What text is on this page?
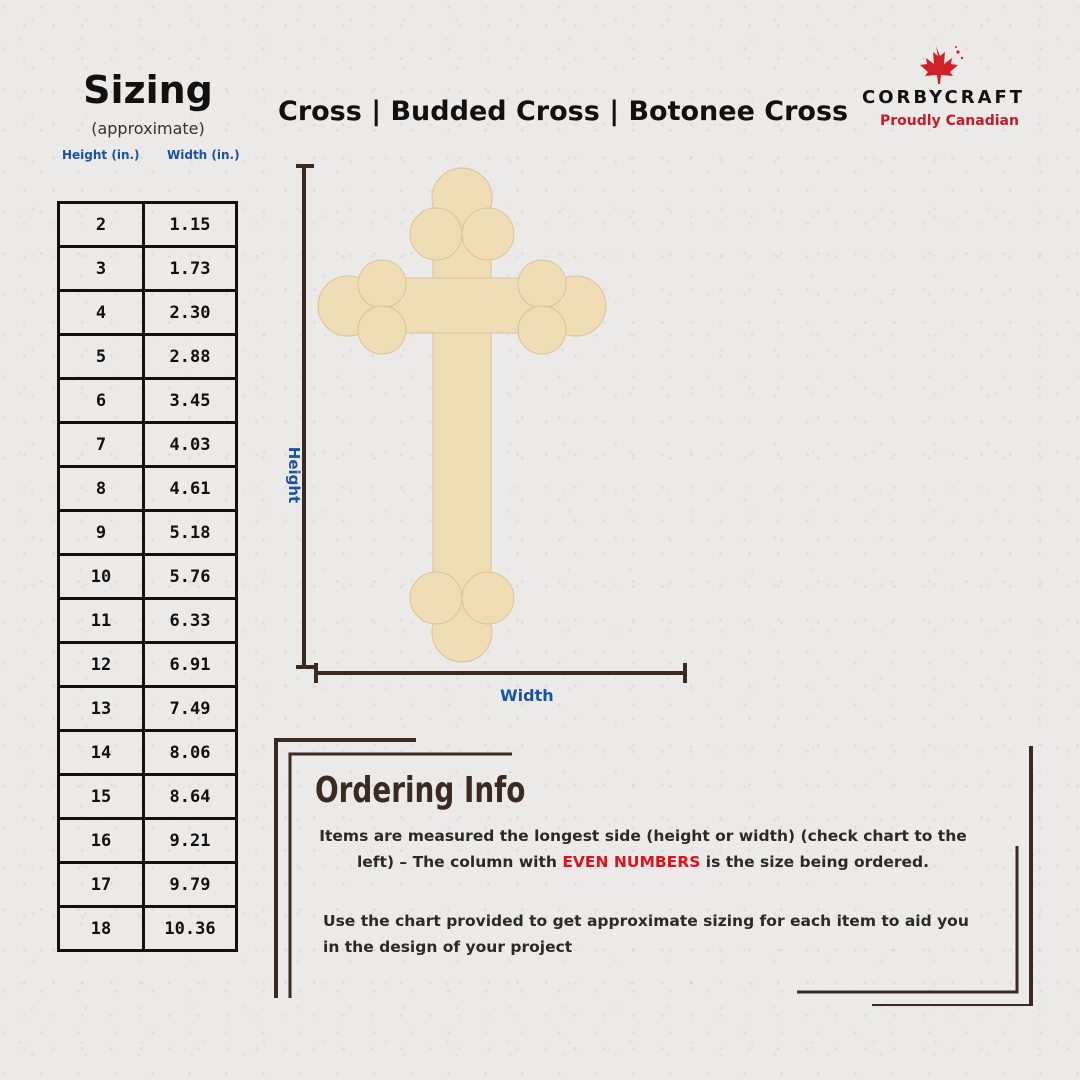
Sizing
(approximate)
Height (in.) Width (in.)
2	1.15
3	1.73
4	2.30
5	2.88
6	3.45
7	4.03
8	4.61
9	5.18
10	5.76
11	6.33
12	6.91
13	7.49
14	8.06
15	8.64
16	9.21
17	9.79
18	10.36
Cross | Budded Cross | Botonee Cross CORBYCRAFT
Proudly Canadian
Height
Width
Ordering Info
Items are measured the longest side (height or width) (check chart to the left) – The column with EVEN NUMBERS is the size being ordered.
Use the chart provided to get approximate sizing for each item to aid you in the design of your project
